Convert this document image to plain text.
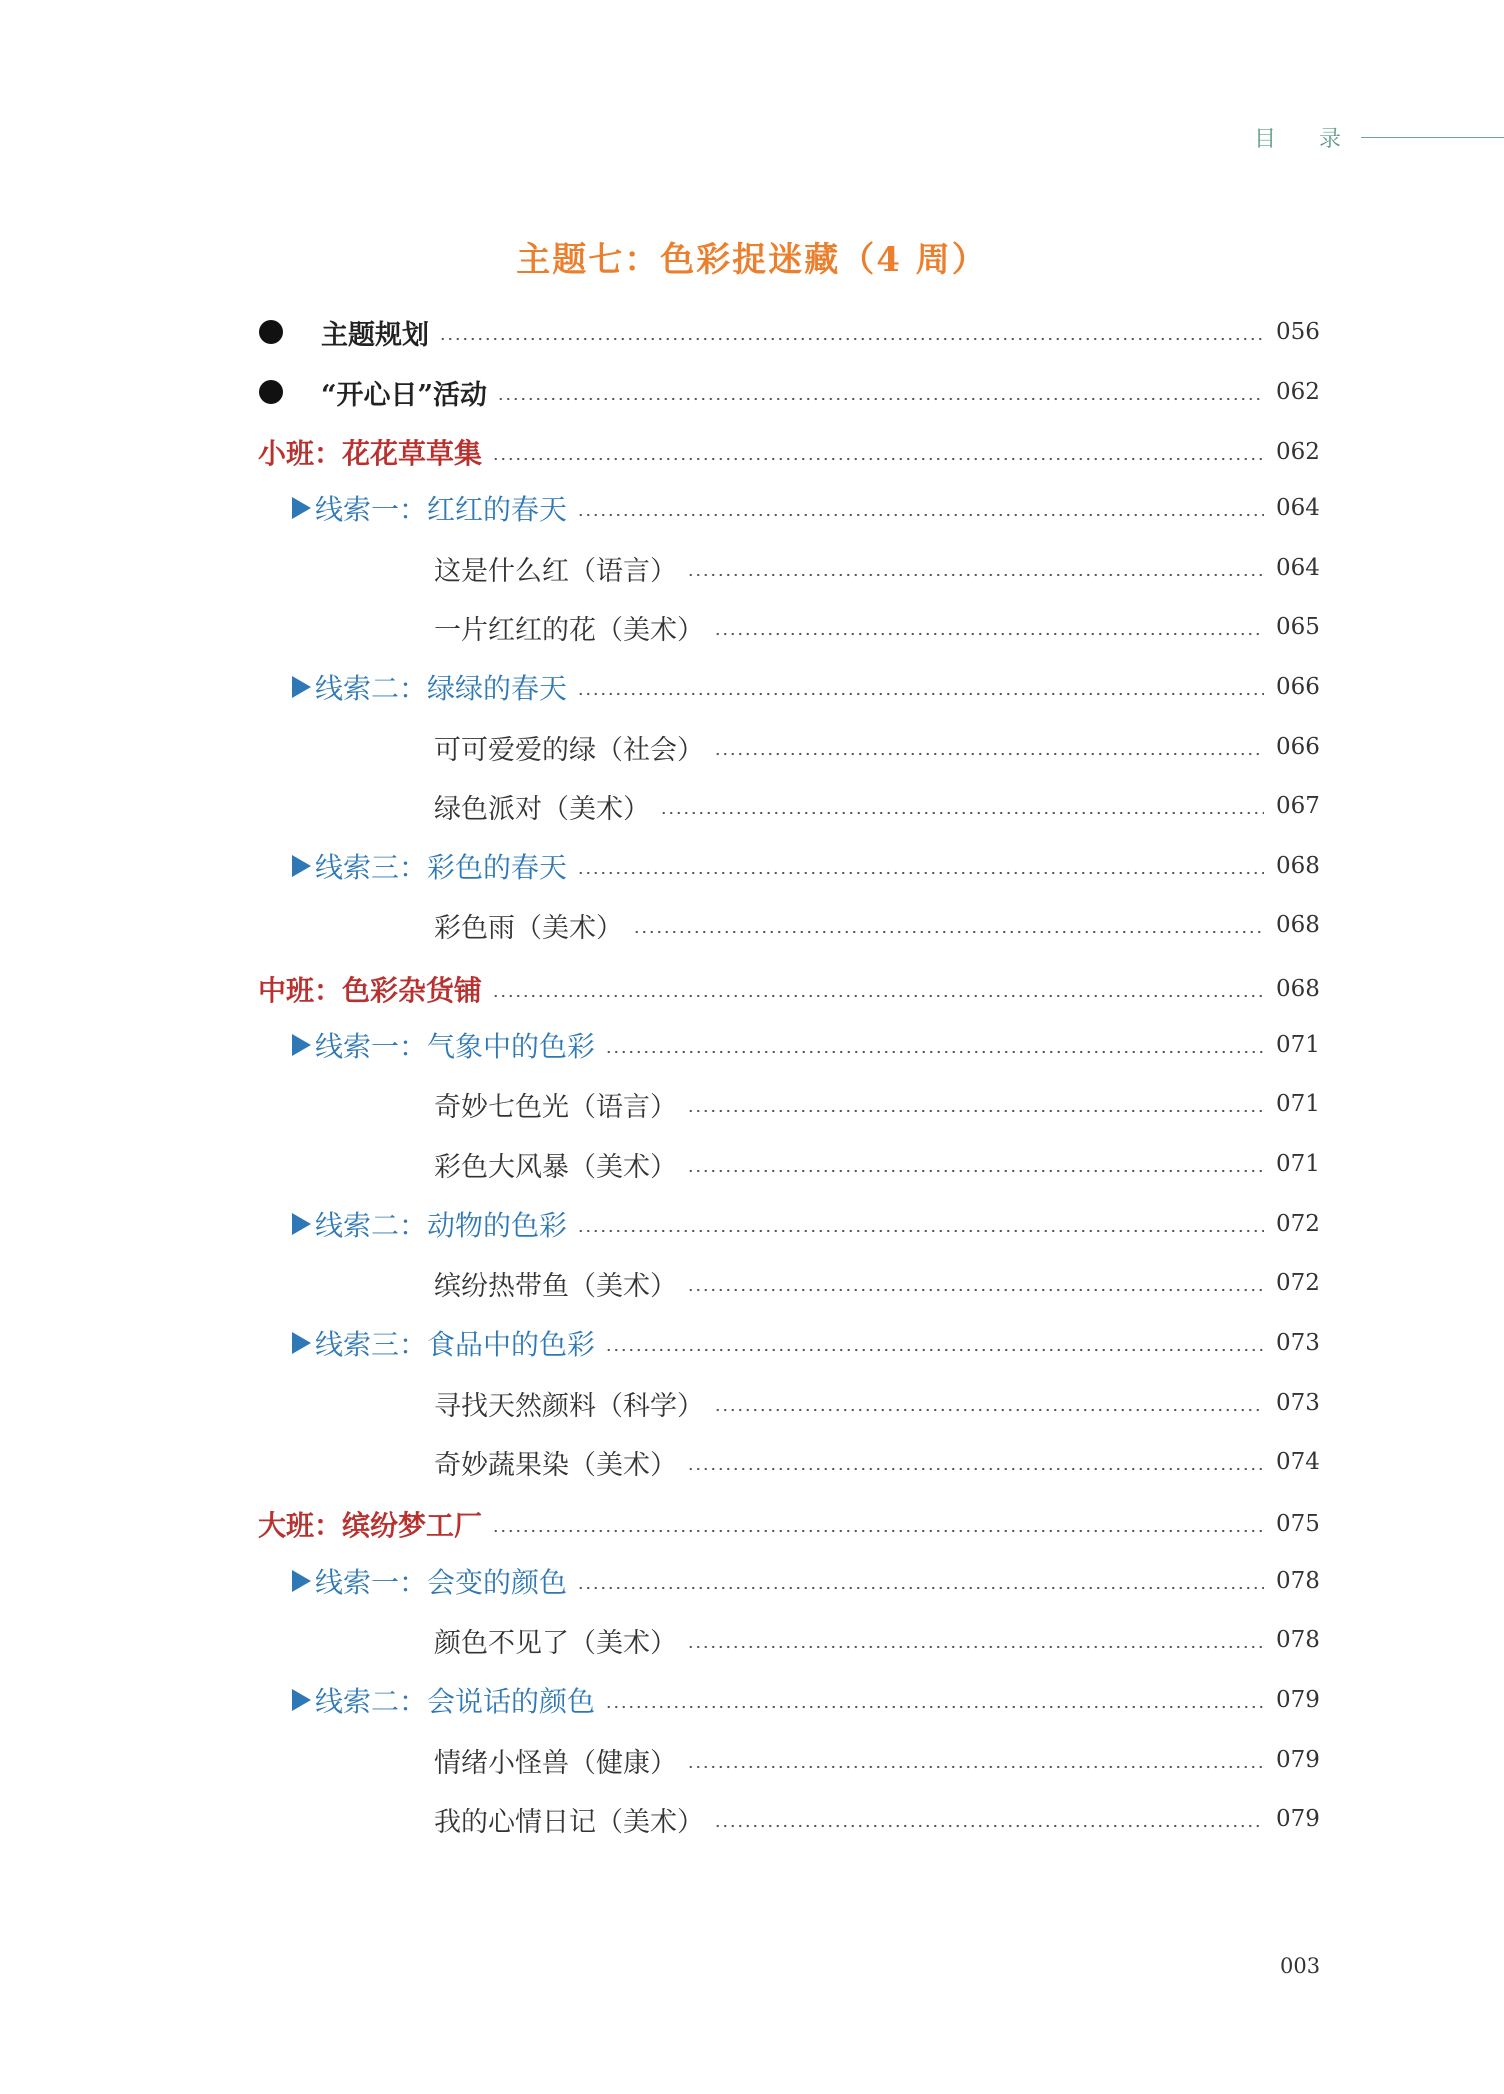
目 录
主题七：色彩捉迷藏（4 周）
主题规划	056
“开心日”活动	062
小班：花花草草集	062
线索一：红红的春天	064
这是什么红（语言）	064
一片红红的花（美术）	065
线索二：绿绿的春天	066
可可爱爱的绿（社会）	066
绿色派对（美术）	067
线索三：彩色的春天	068
彩色雨（美术）	068
中班：色彩杂货铺	068
线索一：气象中的色彩	071
奇妙七色光（语言）	071
彩色大风暴（美术）	071
线索二：动物的色彩	072
缤纷热带鱼（美术）	072
线索三：食品中的色彩	073
寻找天然颜料（科学）	073
奇妙蔬果染（美术）	074
大班：缤纷梦工厂	075
线索一：会变的颜色	078
颜色不见了（美术）	078
线索二：会说话的颜色	079
情绪小怪兽（健康）	079
我的心情日记（美术）	079
003
